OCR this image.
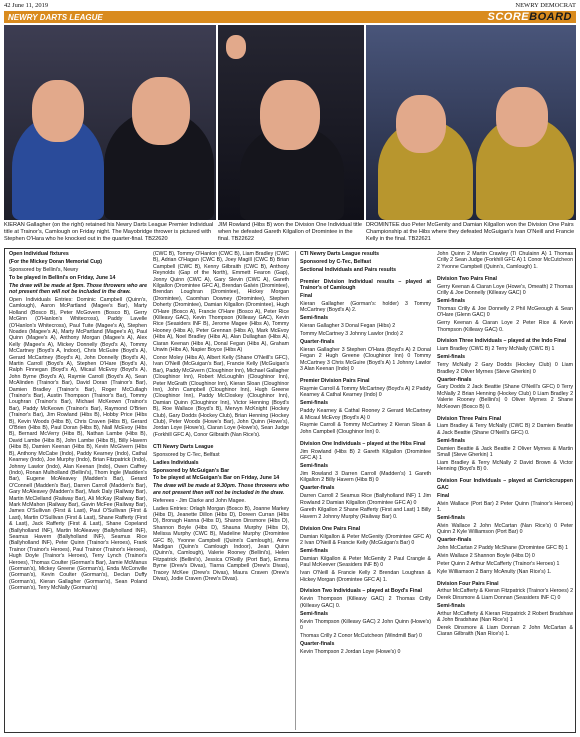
42 June 11, 2019	NEWRY DEMOCRAT
NEWRY DARTS LEAGUE	SCOREBOARD
KIERAN Gallagher (on the right) retained his Newry Darts League Premier Individual title at Trainor's, Camlough on Friday night. The Mayobridge thrower is pictured with Stephen O'Hara who he knocked out in the quarter-final. TB22620
JIM Rowland (Hibs B) won the Division One Individual title when he defeated Gareth Kilgallon of Dromintee in the final. TB22622
DROMINTEE duo Peter McGenity and Damian Kilgallon won the Division One Pairs Championship at the Hibs where they defeated McGuigan's Ivan O'Neill and Francie Kelly in the final. TB22621

Open Individual fixtures

(For the Mickey Doran Memorial Cup)

Sponsored by Bellini's, Newry

To be played in Bellini's on Friday, June 14

The draw will be made at 9pm. Those throwers who are not present then will not be included in the draw.

Open Individuals Entries: Dominic Campbell (Quinn's, Camlough), Aaron McPartland (Magee's Bar), Marty Holland (Bosco B), Peter McGovern (Bosco B), Gerry McGinn (O'Hanlon's Whitecross), Paddy Lavelle (O'Hanlon's Whitecross), Paul Tuite (Magee's A), Stephen Noades (Magee's A), Marty McPartland (Magee's A), Paul Quinn (Magee's A), Anthony Morgan (Magee's A), Alex Kelly (Magee's A), Mickey Donnelly (Boyd's A), Tommy McCartney (Boyd's A, Indoor), Chris McGuire (Boyd's A), Gerard McCartney (Boyd's A), John Donnelly (Boyd's A), Martin Carroll (Boyd's A), Stephen O'Hare (Boyd's A), Ralph Finnegan (Boyd's A), Micaul McEvoy (Boyd's A), John Byrne (Boyd's A), Raymie Carroll (Boyd's A), Sean McAlinden (Trainor's Bar), David Doran (Trainor's Bar), Damien Bradley (Trainor's Bar), Roger McCullagh (Trainor's Bar), Austin Thompson (Trainor's Bar), Tommy Loughran (Trainor's Bar), Michael McKeown (Trainor's Bar), Paddy McKeown (Trainor's Bar), Raymond O'Brien (Trainor's Bar), Jim Rowland (Hibs B), Hobby Price (Hibs B), Kevin Woods (Hibs B), Chris Craven (Hibs B), Gerard O'Brien (Hibs B), Paul Doran (Hibs B), Niall McEvoy (Hibs B), Bernard McVerry (Hibs B), Nathan Lambe (Hibs B), David Lambe (Hibs B), John Lambe (Hibs B), Billy Havern (Hibs B), Damien Keenan (Hibs B), Kevin McGivern (Hibs B), Anthony McCabe (Indo), Paddy Kearney (Indo), Cathal Kearney (Indo), Joe Murphy (Indo), Brian Fitzpatrick (Indo), Johnny Lawlor (Indo), Alan Keenan (Indo), Owen Caffrey (Indo), Ronan Mulholland (Bellini's), Thom Ingle (Madden's Bar), Eugene McAleavey (Madden's Bar), Gerard O'Connell (Madden's Bar), Darren Carroll (Madden's Bar), Gary McAleavey (Madden's Bar), Mark Daly (Railway Bar), Martin McClelland (Railway Bar), Ali McKay (Railway Bar), Mark McMahon (Railway Bar), Gavin McFee (Railway Bar), James O'Sullivan (First & Last), Paul O'Sullivan (First & Last), Martin O'Sullivan (First & Last), Shane Rafferty (First & Last), Jack Rafferty (First & Last), Shane Copeland (Ballyholland INF), Martin McAleavey (Ballyholland INF), Seamus Havern (Ballyholland INF), Seamus Rice (Ballyholland INF), Peter Quinn (Trainor's Heroes), Frank Trainor (Trainor's Heroes), Paul Trainor (Trainor's Heroes), Hugh Doyle (Trainor's Heroes), Terry Lynch (Trainor's Heroes), Thomas Coulter (Gorman's Bar), Jamie McManus (Gorman's), Mickey Greene (Gorman's), Enda McConville (Gorman's), Kevin Coulter (Gorman's), Declan Duffy (Gorman's), Kieran Gallagher (Gorman's), Sean Poland (Gorman's), Terry McNally (Gorman's)

(CWC B), Tommy O'Hanlon (CWC B), Liam Bradley (CWC B), Adrian O'Hagan (CWC B), Joey Magill (CWC B) Brian Campbell (CWC B), Kenny Gilbraith (CWC B), Anthony Reynolds (Gap of the North), Emmett Fearon (Gap), Jonny Quinn (CWC A), Gary Slevin (CWC A), Gareth Kilgallon (Dromintee GFC A), Brendan Galvin (Dromintee), Brendan Loughran (Dromintee), Hickey Morgan (Dromintee), Caomhan Downey (Dromintee), Stephen Doherty (Dromintee), Damian Kilgallon (Dromintee), Hugh O'Hare (Bosco A), Francie O'Hare (Bosco A), Peter Rice (Killeavy GAC), Kevin Thompson (Killeavy GAC), Kevin Rice (Seasiders INF B), Jerome Magee (Hibs A), Tommy Hooney (Hibs A), Peter Grennan (Hibs A), Mark McEvoy (Hibs A), Noel Bradley (Hibs A), Alan Dullaghan (Hibs A), Ciaran Keenan (Hibs A), Donal Fegan (Hibs A), Graham Unwin (Hibs A), Napier Boyce (Hibs A)

Conor Moley (Hibs A), Albert Kelly (Shane O'Neill's GFC), Ivan O'Neill (McGuigan's Bar), Francie Kelly (McGuigan's Bar), Paddy McGivern (Cloughinor Inn), Michael Gallagher (Cloughinor Inn), Robert McLoughlin (Cloughinor Inn), Peter McGrath (Cloughinor Inn), Kieran Sloan (Cloughinor Inn), John Campbell (Cloughinor Inn), Hugh Greene (Cloughinor Inn), Paddy McCloskey (Cloughinor Inn), Damian Quinn (Cloughinor Inn), Victor Henning (Boyd's B), Roe Wallace (Boyd's B), Mervyn McKnight (Hockey Club), Gary Dodds (Hockey Club), Brian Henning (Hockey Club), Peter Woods (Howe's Bar), John Quinn (Howe's), Jordan Loye (Howe's), Ciaran Loye (Howe's), Sean Judge (Forkhill GFC A), Conor Gilbraith (Nan Rice's).

CTI Newry Darts League

Sponsored by C-Tec, Belfast

Ladies Individuals

Sponsored by McGuigan's Bar

To be played at McGuigan's Bar on Friday, June 14

The draw will be made at 9.30pm. Those throwers who are not present then will not be included in the draw.

Referees - Jim Clarke and John Magee.

Ladies Entries: Orlagh Morgan (Bosco B), Joanne Markey (Hibs D), Jeanette Dillon (Hibs D), Doreen Curran (Hibs D), Bronagh Hanna (Hibs D), Sharon Dinsmore (Hibs D), Shannon Boyle (Hibs D), Shauna Murphy (Hibs D), Melissa Murphy (CWC B), Madeline Murphy (Dromintee GFC B), Yvonne Campbell (Quinn's Camlough), Anne Madigan (Quinn's Camlough Indoor), Jean Quinn (Quinn's, Camlough), Valerie Rooney (Bellini's), Helen Fitzpatrick (Bellini's), Jessica O'Reilly (Port Bar), Emma Byrne (Drew's Divas), Tiarna Campbell (Drew's Divas), Tracey McKee (Drew's Divas), Maura Craven (Drew's Divas), Jodie Craven (Drew's Divas).

CTI Newry Darts League results

Sponsored by C-Tec, Belfast

Sectional Individuals and Pairs results

Premier Division Individual results – played at Trainor's of Camlough

Final

Kieran Gallagher (Gorman's: holder) 3 Tommy McCartney (Boyd's A) 2.

Semi-finals

Kieran Gallagher 3 Donal Fegan (Hibs) 2

Tommy McCartney 3 Johnny Lawlor (Indo) 2

Quarter-finals

Kieran Gallagher 3 Stephen O'Hara (Boyd's A) 2 Donal Fegan 2 Hugh Greene (Cloughinor Inn) 0 Tommy McCartney 3 Chris McGuire (Boyd's A) 1 Johnny Lawlor 3 Alan Keenan (Indo) 0

Premier Division Pairs Final

Raymie Carroll & Tommy McCartney (Boyd's A) 2 Paddy Kearney & Cathal Kearney (Indo) 0

Semi-finals

Paddy Kearney & Cathal Rooney 2 Gerard McCartney & Micaul McEvoy (Boyd's A) 0

Raymie Carroll & Tommy McCartney 2 Kieran Sloan & John Campbell (Cloughinor Inn) 0.

Division One Individuals – played at the Hibs Final

Jim Rowland (Hibs B) 2 Gareth Kilgallon (Dromintee GFC A) 1

Semi-finals

Jim Rowland 3 Darren Carroll (Madden's) 1 Gareth Kilgallon 2 Billy Havern (Hibs B) 0

Quarter-finals

Darren Carroll 2 Seamus Rice (Ballyholland INF) 1 Jim Rowland 2 Damian Kilgallon (Dromintee GFC A) 0

Gareth Kilgallon 2 Shane Rafferty (First and Last) 1 Billy Havern 2 Johnny Murphy (Railway Bar) 0.

Division One Pairs Final

Damian Kilgallon & Peter McGenity (Dromintee GFC A) 2 Ivan O'Neill & Francie Kelly (McGuigan's Bar) 0

Semi-finals

Damian Kilgallon & Peter McGenity 2 Paul Crangle & Paul McKeever (Seasiders INF B) 0

Ivan O'Neill & Francie Kelly 2 Brendan Loughran & Hickey Morgan (Dromintee GFC A) 1.

Division Two Individuals – played at Boyd's Final

Kevin Thompson (Killeavy GAC) 2 Thomas Crilly (Killeavy GAC) 0.

Semi-finals

Kevin Thompson (Killeavy GAC) 2 John Quinn (Howe's) 0

Thomas Crilly 2 Conor McCutcheon (Windmill Bar) 0

Quarter-finals

Kevin Thompson 2 Jordan Loye (Howe's) 0

John Quinn 2 Martin Crawley (Ti Chulainn A) 1 Thomas Crilly 2 Sean Judge (Forkhill GFC A) 1 Conor McCutcheon 2 Yvonne Campbell (Quinn's, Camlough) 1.

Division Two Pairs Final

Gerry Keenan & Ciaran Loye (Howe's, Omeath) 2 Thomas Crilly & Joe Donnelly (Killeavy GAC) 0

Semi-finals

Thomas Crilly & Joe Donnelly 2 Phil McGeough & Sean O'Hare (Glenn GAC) 0

Gerry Keenan & Ciaran Loye 2 Peter Rice & Kevin Thompson (Killeavy GAC) 0.

Division Three Individuals – played at the Indo Final

Liam Bradley (CWC B) 2 Terry McNally (CWC B) 1

Semi-finals

Terry McNally 2 Gary Dodds (Hockey Club) 0 Liam Bradley 2 Oliver Myrnes (Steve Gherkin) 0

Quarter-finals

Gary Dodds 2 Jack Beattie (Shane O'Neill's GFC) 0 Terry McNally 2 Brian Henning (Hockey Club) 0 Liam Bradley 2 Valerie Rooney (Bellini's) 0 Oliver Myrnes 2 Shane McKeown (Bosco B) 0.

Division Three Pairs Final

Liam Bradley & Terry McNally (CWC B) 2 Damien Beattie & Jack Beattie (Shane O'Neill's GFC) 0.

Semi-finals

Damien Beattie & Jack Beattie 2 Oliver Myrnes & Martin Small (Steve Gherkin) 1

Liam Bradley & Terry McNally 2 David Brown & Victor Henning (Boyd's B) 0.

Division Four Individuals – played at Carrickcruppen GAC

Final

Alvin Wallace (Port Bar) 2 Peter Quinn (Trainor's Heroes) 1.

Semi-finals

Alvin Wallace 2 John McCartan (Nan Rice's) 0 Peter Quinn 2 Kyle Williamson (Port Bar) 0

Quarter-finals

John McCartan 2 Paddy McShane (Dromintee GFC B) 1

Alvin Wallace 2 Shannon Boyle (Hibs D) 0

Peter Quinn 2 Arthur McCafferty (Trainor's Heroes) 1

Kyle Williamson 2 Barry McAnulty (Nan Rice's) 1.

Division Four Pairs Final

Arthur McCafferty & Kieran Fitzpatrick (Trainor's Heroes) 2 Derek Dinsmore & Liam Donnan (Seasiders INF C) 0

Semi-finals

Arthur McCafferty & Kieran Fitzpatrick 2 Robert Bradshaw & John Bradshaw (Nan Rice's) 1

Derek Dinsmore & Liam Donnan 2 John McCartan & Ciaran Gilbraith (Nan Rice's) 1.
